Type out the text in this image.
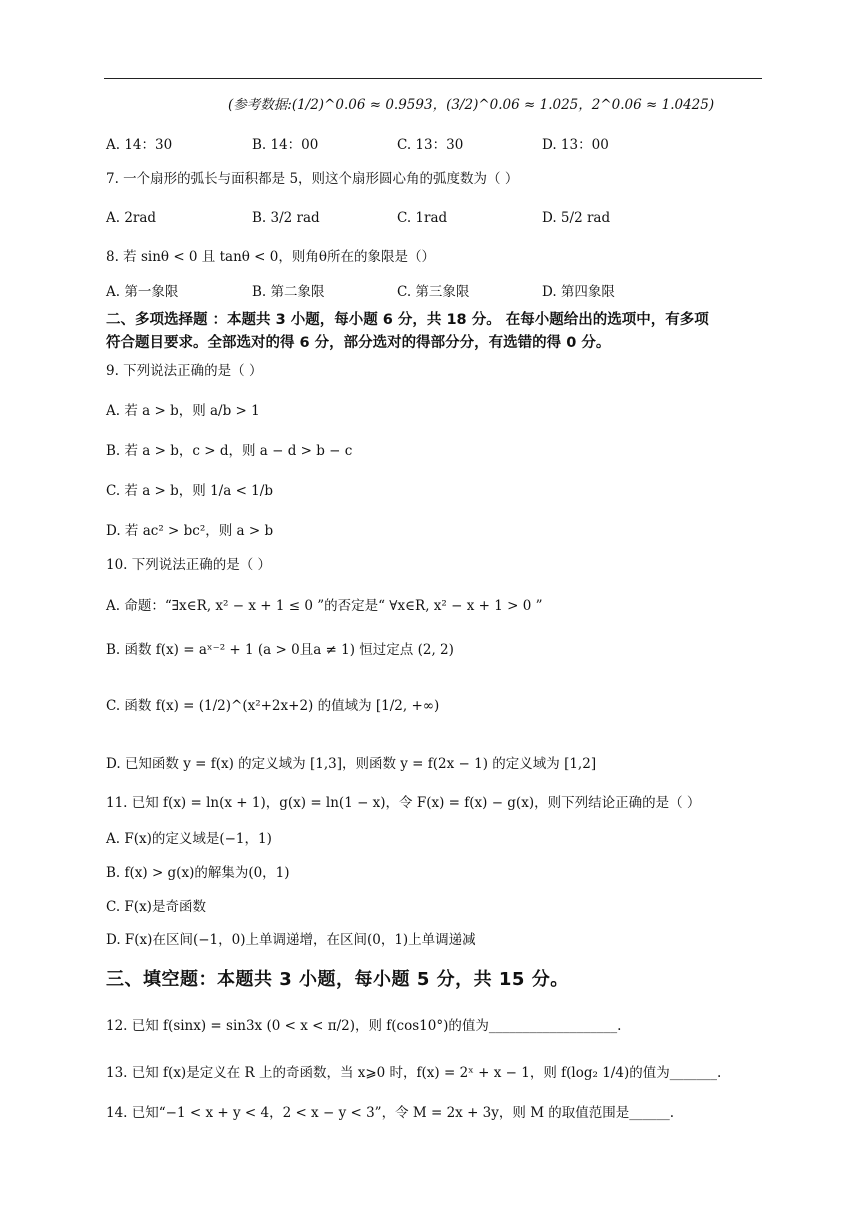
(参考数据:(1/2)^0.06 ≈ 0.9593，(3/2)^0.06 ≈ 1.025，2^0.06 ≈ 1.0425)
A. 14：30	B. 14：00	C. 13：30	D. 13：00
7. 一个扇形的弧长与面积都是 5，则这个扇形圆心角的弧度数为（ ）
A. 2rad	B. 3/2 rad	C. 1rad	D. 5/2 rad
8. 若 sinθ < 0 且 tanθ < 0，则角θ所在的象限是（）
A. 第一象限	B. 第二象限	C. 第三象限	D. 第四象限
二、多项选择题 ：本题共 3 小题，每小题 6 分，共 18 分。 在每小题给出的选项中，有多项
符合题目要求。全部选对的得 6 分，部分选对的得部分分，有选错的得 0 分。
9. 下列说法正确的是（ ）
A. 若 a > b，则 a/b > 1
B. 若 a > b，c > d，则 a − d > b − c
C. 若 a > b，则 1/a < 1/b
D. 若 ac² > bc²，则 a > b
10. 下列说法正确的是（ ）
A. 命题：“∃x∈R, x² − x + 1 ≤ 0 ”的否定是“ ∀x∈R, x² − x + 1 > 0 ”
B. 函数 f(x) = aˣ⁻² + 1 (a > 0且a ≠ 1) 恒过定点 (2, 2)
C. 函数 f(x) = (1/2)^(x²+2x+2) 的值域为 [1/2, +∞)
D. 已知函数 y = f(x) 的定义域为 [1,3]，则函数 y = f(2x − 1) 的定义域为 [1,2]
11. 已知 f(x) = ln(x + 1)，g(x) = ln(1 − x)，令 F(x) = f(x) − g(x)，则下列结论正确的是（ ）
A. F(x)的定义域是(−1，1)
B. f(x) > g(x)的解集为(0，1)
C. F(x)是奇函数
D. F(x)在区间(−1，0)上单调递增，在区间(0，1)上单调递减
三、填空题：本题共 3 小题，每小题 5 分，共 15 分。
12. 已知 f(sinx) = sin3x (0 < x < π/2)，则 f(cos10°)的值为___________________.
13. 已知 f(x)是定义在 R 上的奇函数，当 x⩾0 时，f(x) = 2ˣ + x − 1，则 f(log₂ 1/4)的值为_______.
14. 已知“−1 < x + y < 4，2 < x − y < 3”，令 M = 2x + 3y，则 M 的取值范围是______.
